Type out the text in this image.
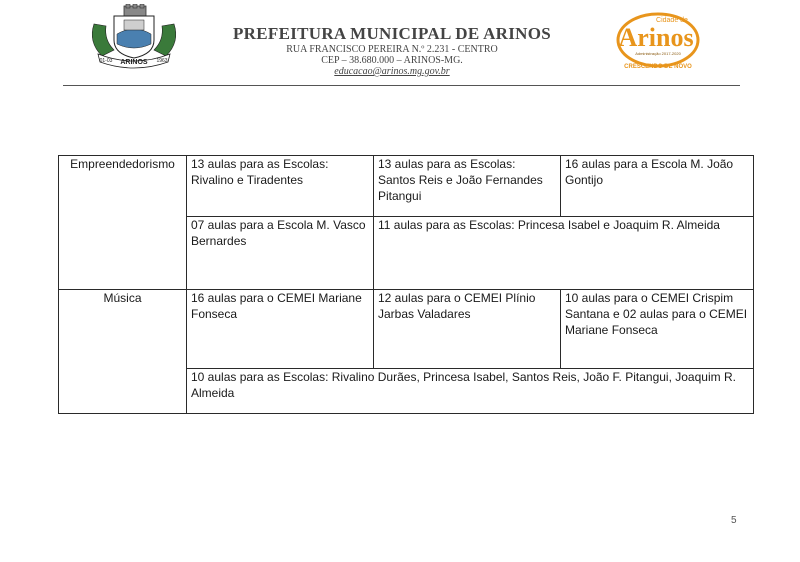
ARINOS
01-03	1963
PREFEITURA MUNICIPAL DE ARINOS
RUA FRANCISCO PEREIRA N.º 2.231 - CENTRO
CEP – 38.680.000 – ARINOS-MG.
educacao@arinos.mg.gov.br
Cidade de
Arinos
Administração 2017-2020
CRESCENDO DE NOVO
Empreendedorismo	13 aulas para as Escolas: Rivalino e Tiradentes	13 aulas para as Escolas: Santos Reis e João Fernandes Pitangui	16 aulas para a Escola M. João Gontijo
	07 aulas para a Escola M. Vasco Bernardes	11 aulas para as Escolas: Princesa Isabel e Joaquim R. Almeida	
Música	16 aulas para o CEMEI Mariane Fonseca	12 aulas para o CEMEI Plínio Jarbas Valadares	10 aulas para o CEMEI Crispim Santana e 02 aulas para o CEMEI Mariane Fonseca
	10 aulas para as Escolas: Rivalino Durães, Princesa Isabel, Santos Reis, João F. Pitangui, Joaquim R. Almeida		
5
